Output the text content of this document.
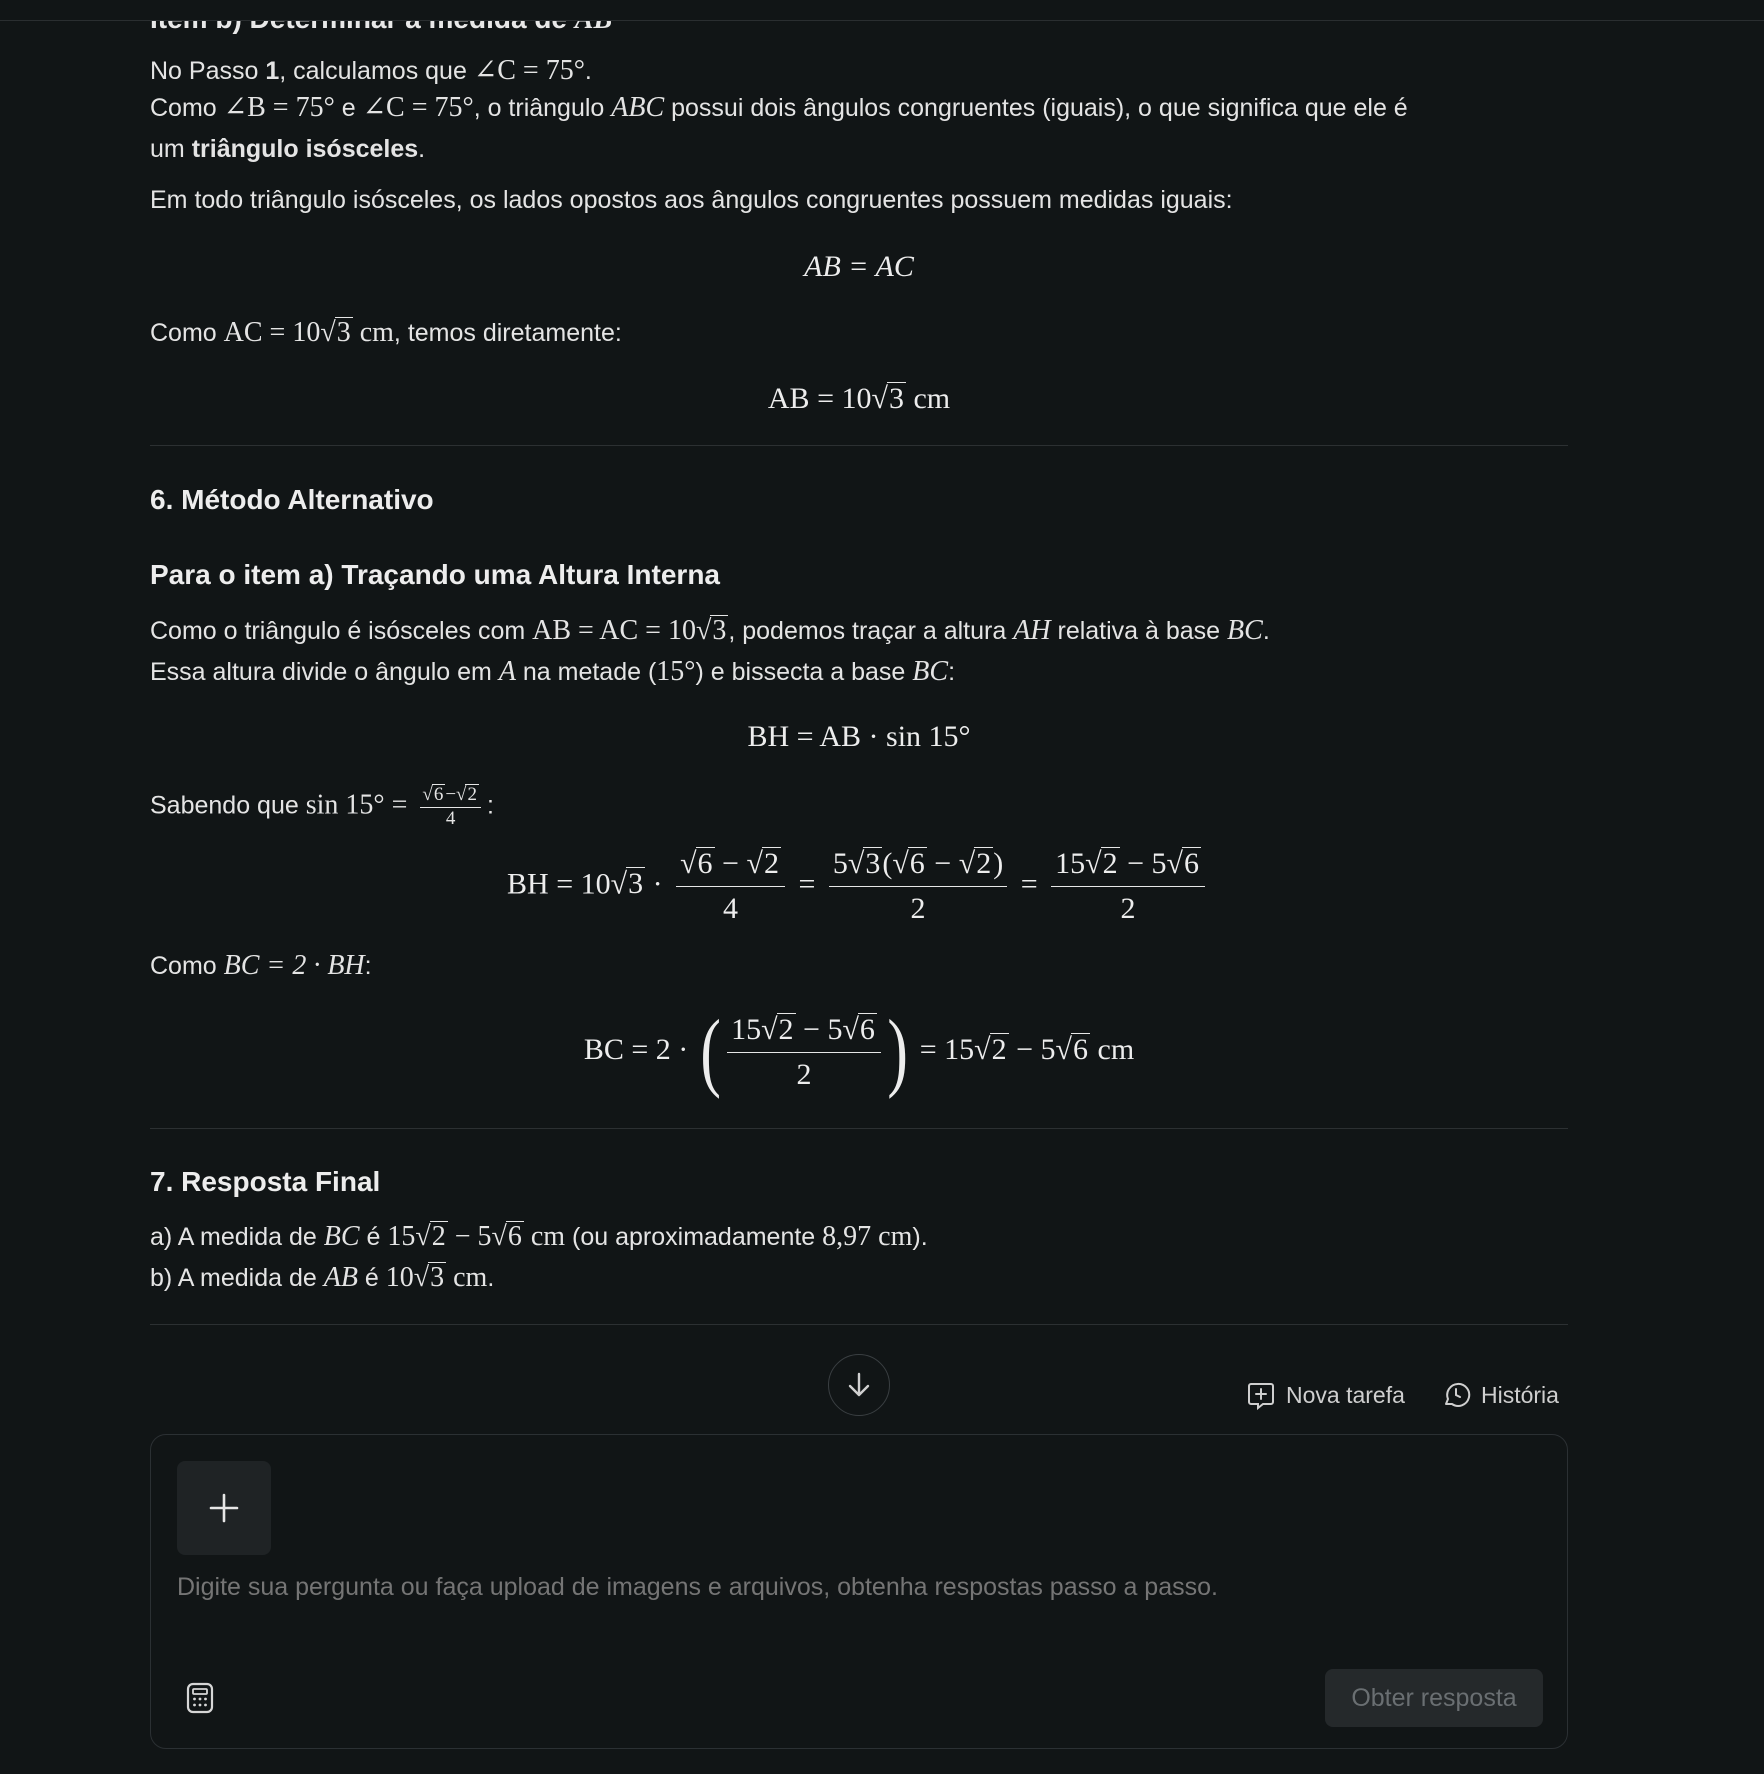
No Passo 1, calculamos que ∠C = 75°.
Como ∠B = 75° e ∠C = 75°, o triângulo ABC possui dois ângulos congruentes (iguais), o que significa que ele é
um triângulo isósceles.
Em todo triângulo isósceles, os lados opostos aos ângulos congruentes possuem medidas iguais:
AB = AC
Como AC = 10√3 cm, temos diretamente:
AB = 10√3 cm
6. Método Alternativo
Para o item a) Traçando uma Altura Interna
Como o triângulo é isósceles com AB = AC = 10√3, podemos traçar a altura AH relativa à base BC.
Essa altura divide o ângulo em A na metade (15°) e bissecta a base BC:
BH = AB · sin 15°
Sabendo que $\sin 15^\circ = \frac{√6 -√2}{4}$ :
BH = $10√3 \cdot \frac{√6 - √2}{4} = \frac{5√3(√6 - √2)}{2} = \frac{15√2 - 5√6}{2}$
Como BC = 2 · BH:
BC = 2 · ( $\frac{15√2 - 5√6}{2}$ ) = 15√2 − 5√6 cm
7. Resposta Final
a) A medida de BC é 15√2 − 5√6 cm (ou aproximadamente 8,97 cm).
b) A medida de AB é 10√3 cm.
Nova tarefa	História
Digite sua pergunta ou faça upload de imagens e arquivos, obtenha respostas passo a passo.
Obter resposta
